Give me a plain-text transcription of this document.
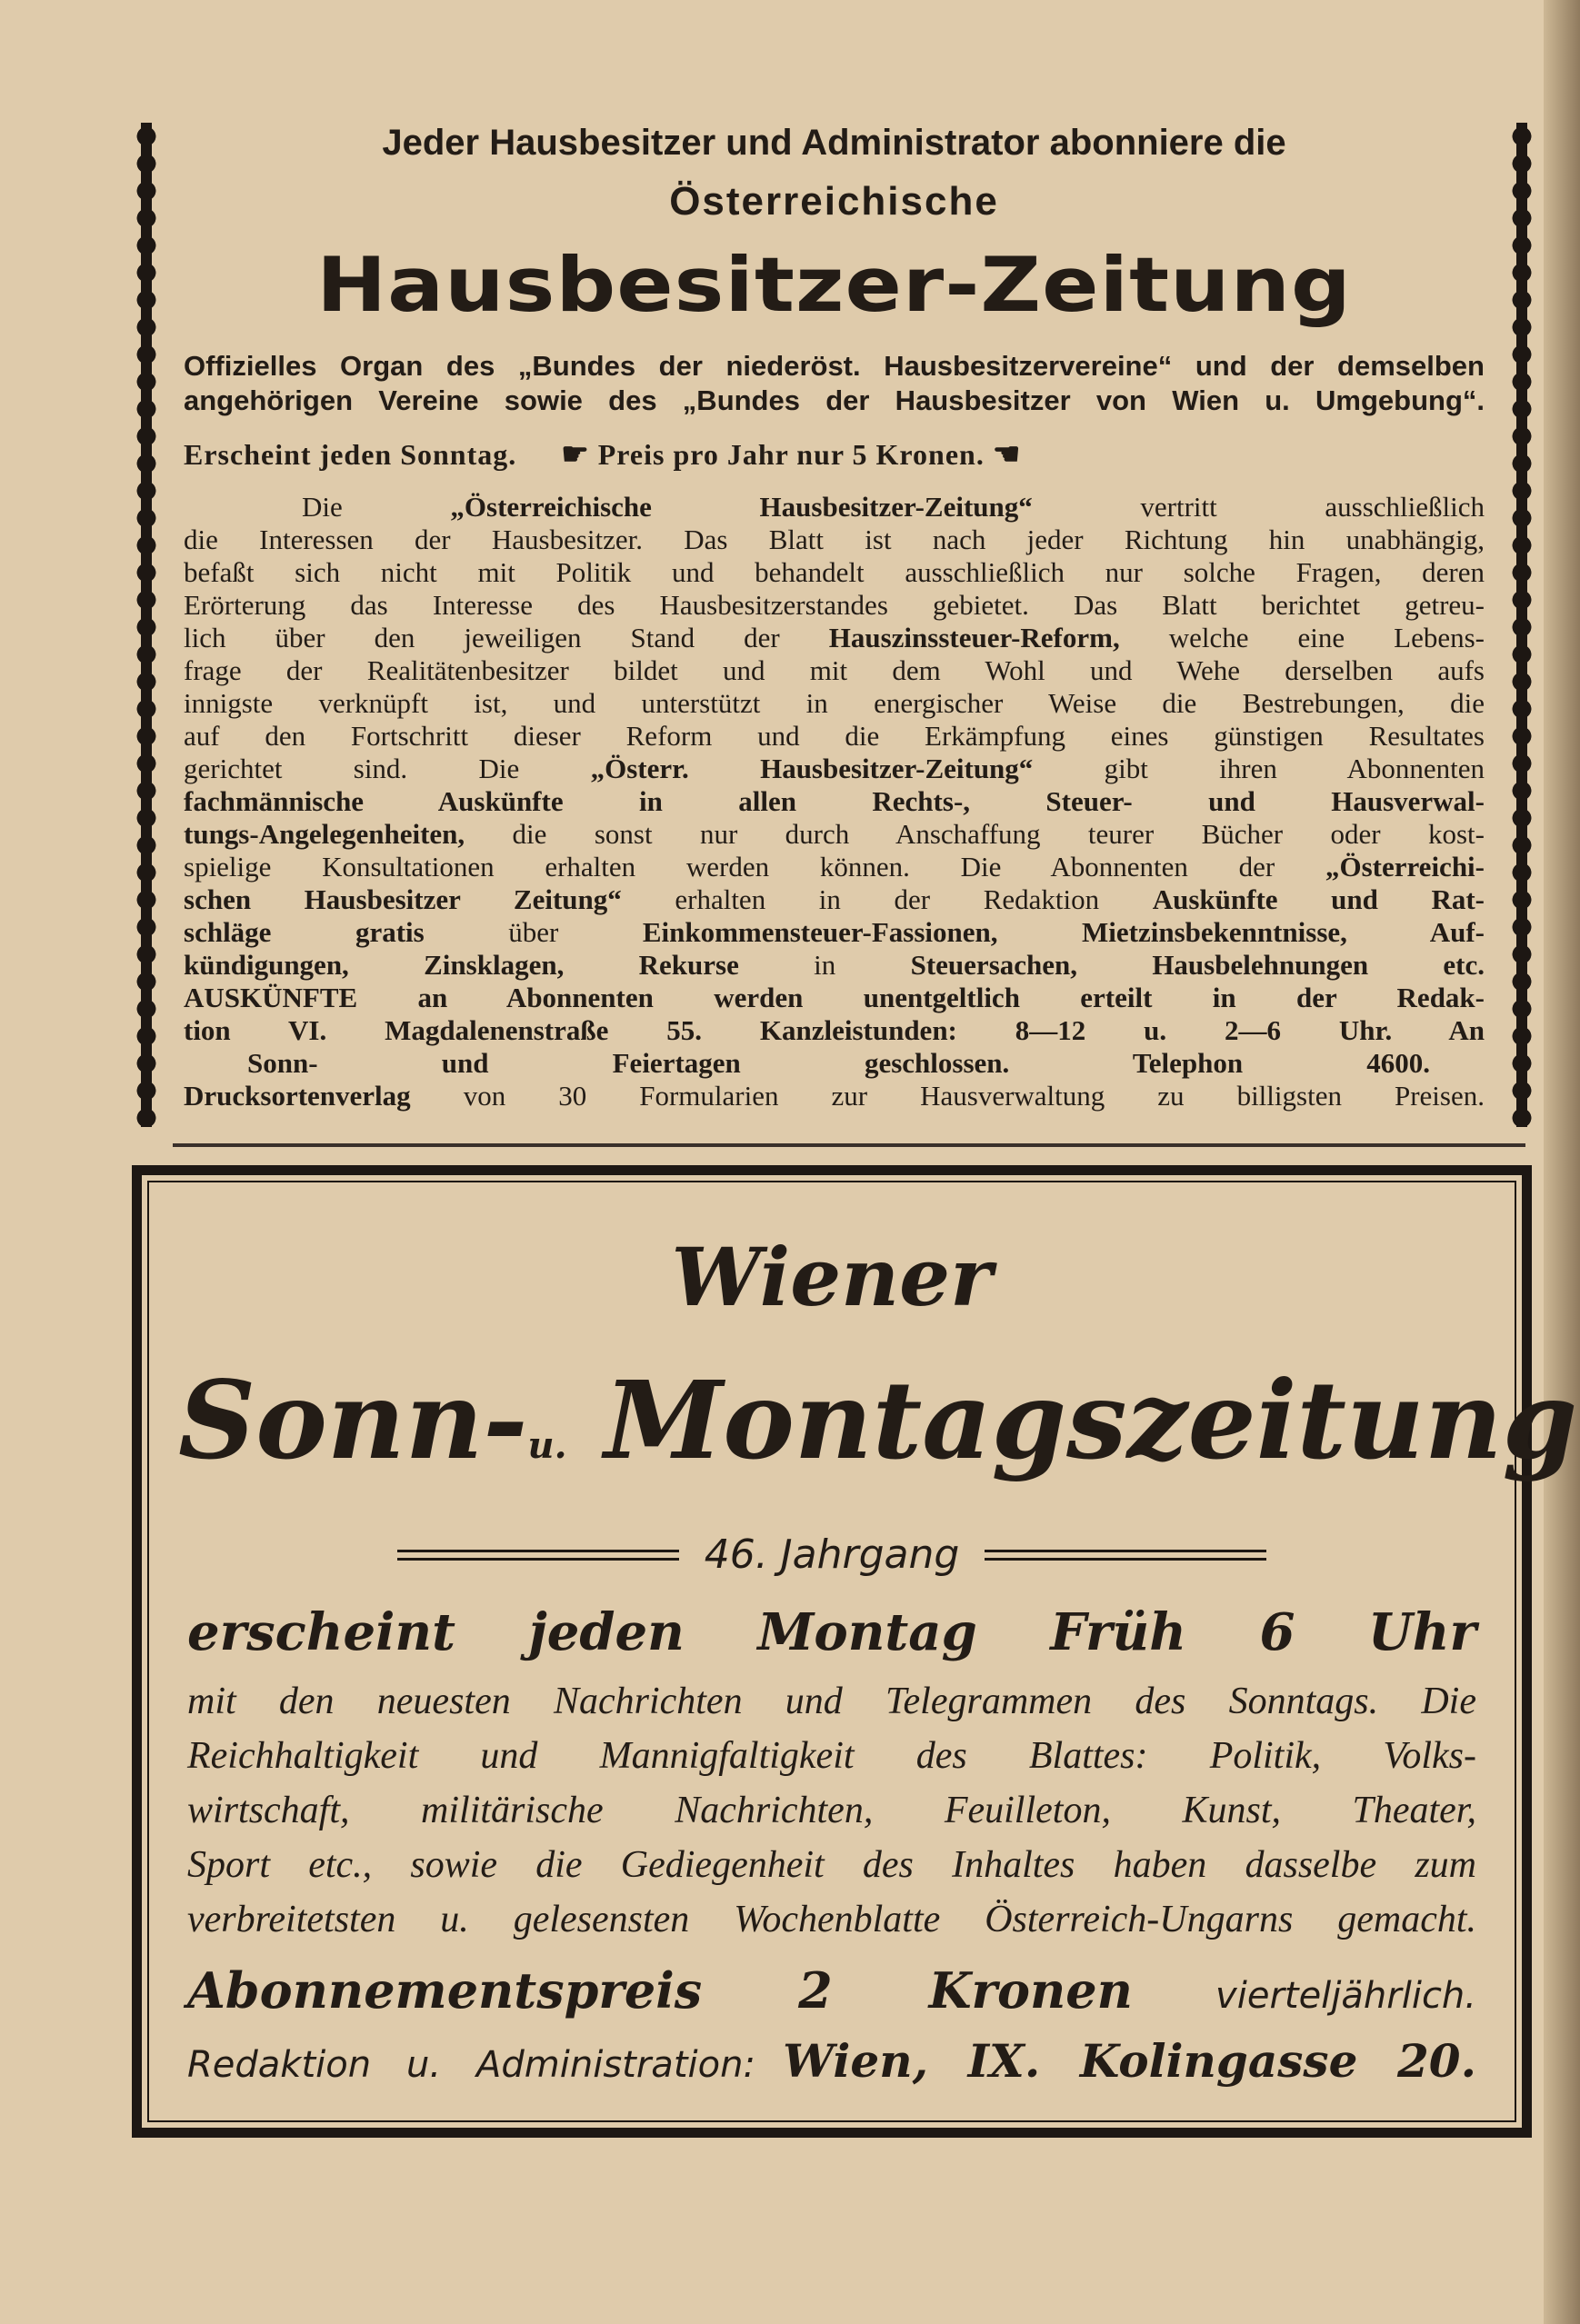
Jeder Hausbesitzer und Administrator abonniere die
Österreichische
Hausbesitzer-Zeitung
Offizielles Organ des „Bundes der niederöst. Hausbesitzervereine“ und der demselben
angehörigen Vereine sowie des „Bundes der Hausbesitzer von Wien u. Umgebung“.
Erscheint jeden Sonntag. ☛ Preis pro Jahr nur 5 Kronen. ☚
Die „Österreichische Hausbesitzer-Zeitung“ vertritt ausschließlich
die Interessen der Hausbesitzer. Das Blatt ist nach jeder Richtung hin unabhängig,
befaßt sich nicht mit Politik und behandelt ausschließlich nur solche Fragen, deren
Erörterung das Interesse des Hausbesitzerstandes gebietet. Das Blatt berichtet getreu-
lich über den jeweiligen Stand der Hauszinssteuer-Reform, welche eine Lebens-
frage der Realitätenbesitzer bildet und mit dem Wohl und Wehe derselben aufs
innigste verknüpft ist, und unterstützt in energischer Weise die Bestrebungen, die
auf den Fortschritt dieser Reform und die Erkämpfung eines günstigen Resultates
gerichtet sind. Die „Österr. Hausbesitzer-Zeitung“ gibt ihren Abonnenten
fachmännische Auskünfte in allen Rechts-, Steuer- und Hausverwal-
tungs-Angelegenheiten, die sonst nur durch Anschaffung teurer Bücher oder kost-
spielige Konsultationen erhalten werden können. Die Abonnenten der „Österreichi-
schen Hausbesitzer Zeitung“ erhalten in der Redaktion Auskünfte und Rat-
schläge gratis über Einkommensteuer-Fassionen, Mietzinsbekenntnisse, Auf-
kündigungen, Zinsklagen, Rekurse in Steuersachen, Hausbelehnungen etc.
AUSKÜNFTE an Abonnenten werden unentgeltlich erteilt in der Redak-
tion VI. Magdalenenstraße 55. Kanzleistunden: 8—12 u. 2—6 Uhr. An
Sonn- und Feiertagen geschlossen. Telephon 4600.
Drucksortenverlag von 30 Formularien zur Hausverwaltung zu billigsten Preisen.
Wiener
Sonn-u. Montagszeitung
46. Jahrgang
erscheint jeden Montag Früh 6 Uhr
mit den neuesten Nachrichten und Telegrammen des Sonntags. Die
Reichhaltigkeit und Mannigfaltigkeit des Blattes: Politik, Volks-
wirtschaft, militärische Nachrichten, Feuilleton, Kunst, Theater,
Sport etc., sowie die Gediegenheit des Inhaltes haben dasselbe zum
verbreitetsten u. gelesensten Wochenblatte Österreich-Ungarns gemacht.
Abonnementspreis 2 Kronen vierteljährlich.
Redaktion u. Administration: Wien, IX. Kolingasse 20.
